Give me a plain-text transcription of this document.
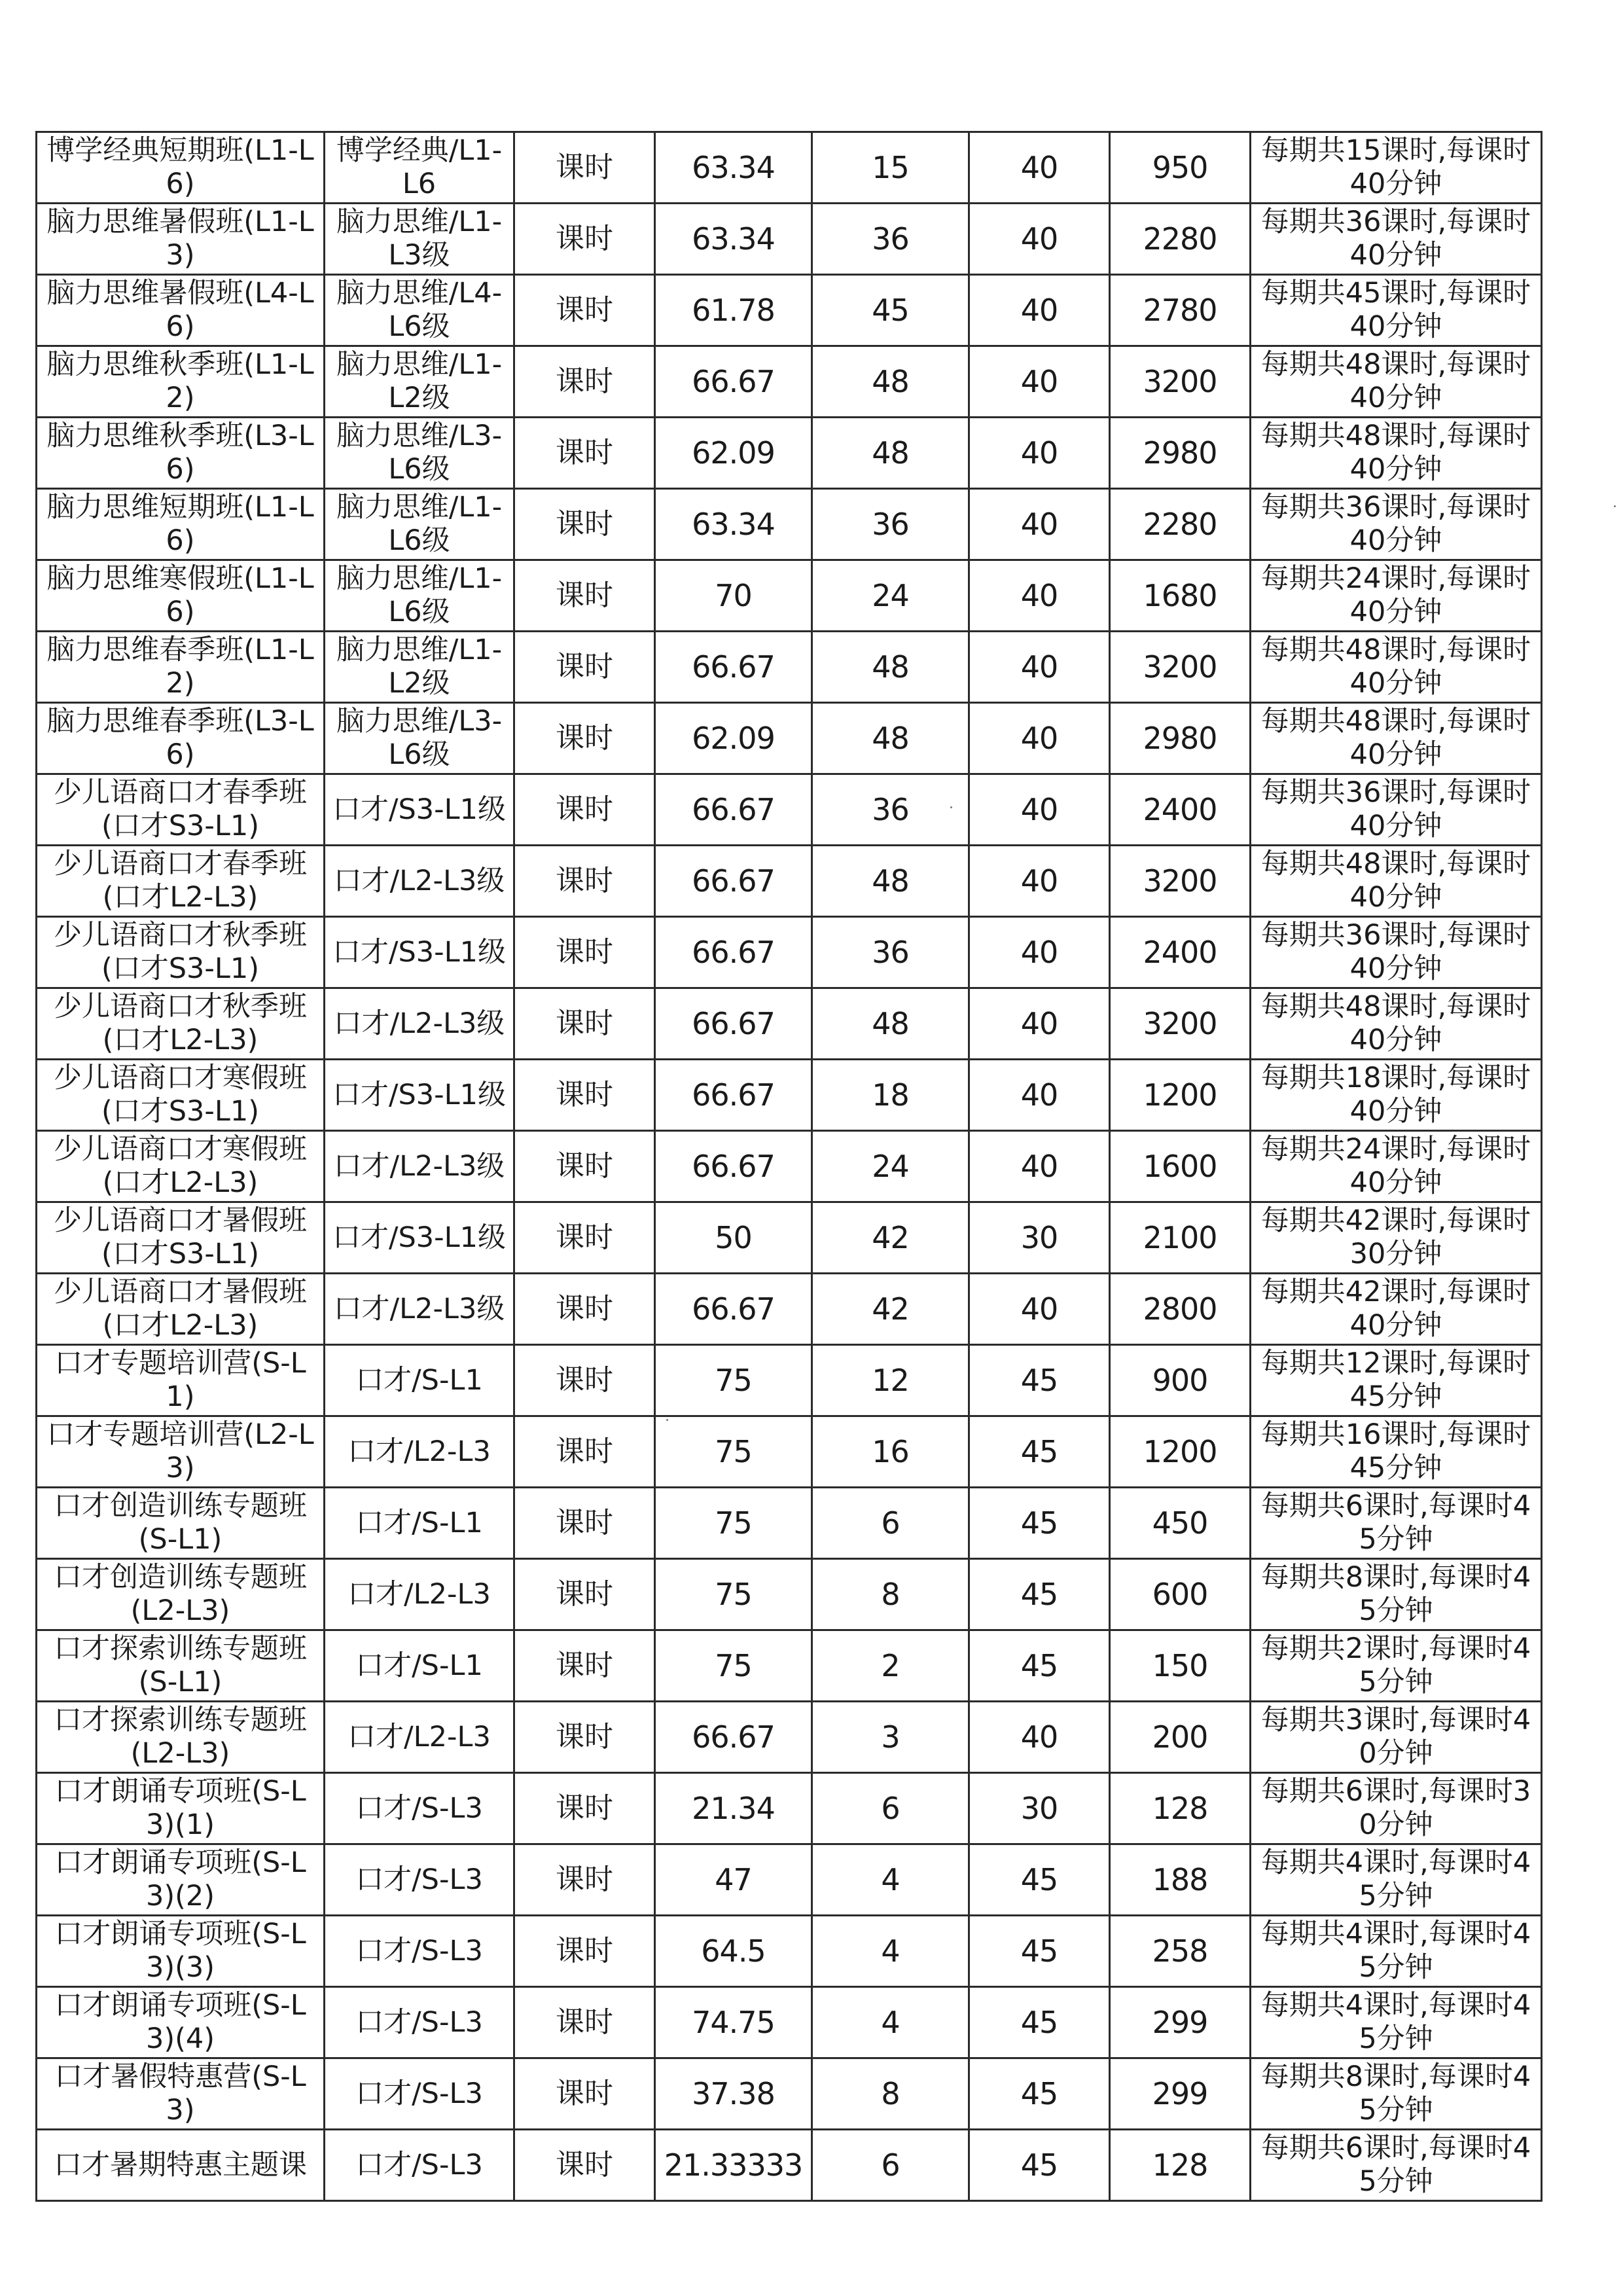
博学经典短期班(L1-L6)	博学经典/L1-L6	课时	63.34	15	40	950	每期共15课时,每课时40分钟
脑力思维暑假班(L1-L3)	脑力思维/L1-L3级	课时	63.34	36	40	2280	每期共36课时,每课时40分钟
脑力思维暑假班(L4-L6)	脑力思维/L4-L6级	课时	61.78	45	40	2780	每期共45课时,每课时40分钟
脑力思维秋季班(L1-L2)	脑力思维/L1-L2级	课时	66.67	48	40	3200	每期共48课时,每课时40分钟
脑力思维秋季班(L3-L6)	脑力思维/L3-L6级	课时	62.09	48	40	2980	每期共48课时,每课时40分钟
脑力思维短期班(L1-L6)	脑力思维/L1-L6级	课时	63.34	36	40	2280	每期共36课时,每课时40分钟
脑力思维寒假班(L1-L6)	脑力思维/L1-L6级	课时	70	24	40	1680	每期共24课时,每课时40分钟
脑力思维春季班(L1-L2)	脑力思维/L1-L2级	课时	66.67	48	40	3200	每期共48课时,每课时40分钟
脑力思维春季班(L3-L6)	脑力思维/L3-L6级	课时	62.09	48	40	2980	每期共48课时,每课时40分钟
少儿语商口才春季班(口才S3-L1)	口才/S3-L1级	课时	66.67	36	40	2400	每期共36课时,每课时40分钟
少儿语商口才春季班(口才L2-L3)	口才/L2-L3级	课时	66.67	48	40	3200	每期共48课时,每课时40分钟
少儿语商口才秋季班(口才S3-L1)	口才/S3-L1级	课时	66.67	36	40	2400	每期共36课时,每课时40分钟
少儿语商口才秋季班(口才L2-L3)	口才/L2-L3级	课时	66.67	48	40	3200	每期共48课时,每课时40分钟
少儿语商口才寒假班(口才S3-L1)	口才/S3-L1级	课时	66.67	18	40	1200	每期共18课时,每课时40分钟
少儿语商口才寒假班(口才L2-L3)	口才/L2-L3级	课时	66.67	24	40	1600	每期共24课时,每课时40分钟
少儿语商口才暑假班(口才S3-L1)	口才/S3-L1级	课时	50	42	30	2100	每期共42课时,每课时30分钟
少儿语商口才暑假班(口才L2-L3)	口才/L2-L3级	课时	66.67	42	40	2800	每期共42课时,每课时40分钟
口才专题培训营(S-L1)	口才/S-L1	课时	75	12	45	900	每期共12课时,每课时45分钟
口才专题培训营(L2-L3)	口才/L2-L3	课时	75	16	45	1200	每期共16课时,每课时45分钟
口才创造训练专题班(S-L1)	口才/S-L1	课时	75	6	45	450	每期共6课时,每课时45分钟
口才创造训练专题班(L2-L3)	口才/L2-L3	课时	75	8	45	600	每期共8课时,每课时45分钟
口才探索训练专题班(S-L1)	口才/S-L1	课时	75	2	45	150	每期共2课时,每课时45分钟
口才探索训练专题班(L2-L3)	口才/L2-L3	课时	66.67	3	40	200	每期共3课时,每课时40分钟
口才朗诵专项班(S-L3)(1)	口才/S-L3	课时	21.34	6	30	128	每期共6课时,每课时30分钟
口才朗诵专项班(S-L3)(2)	口才/S-L3	课时	47	4	45	188	每期共4课时,每课时45分钟
口才朗诵专项班(S-L3)(3)	口才/S-L3	课时	64.5	4	45	258	每期共4课时,每课时45分钟
口才朗诵专项班(S-L3)(4)	口才/S-L3	课时	74.75	4	45	299	每期共4课时,每课时45分钟
口才暑假特惠营(S-L3)	口才/S-L3	课时	37.38	8	45	299	每期共8课时,每课时45分钟
口才暑期特惠主题课	口才/S-L3	课时	21.33333	6	45	128	每期共6课时,每课时45分钟
